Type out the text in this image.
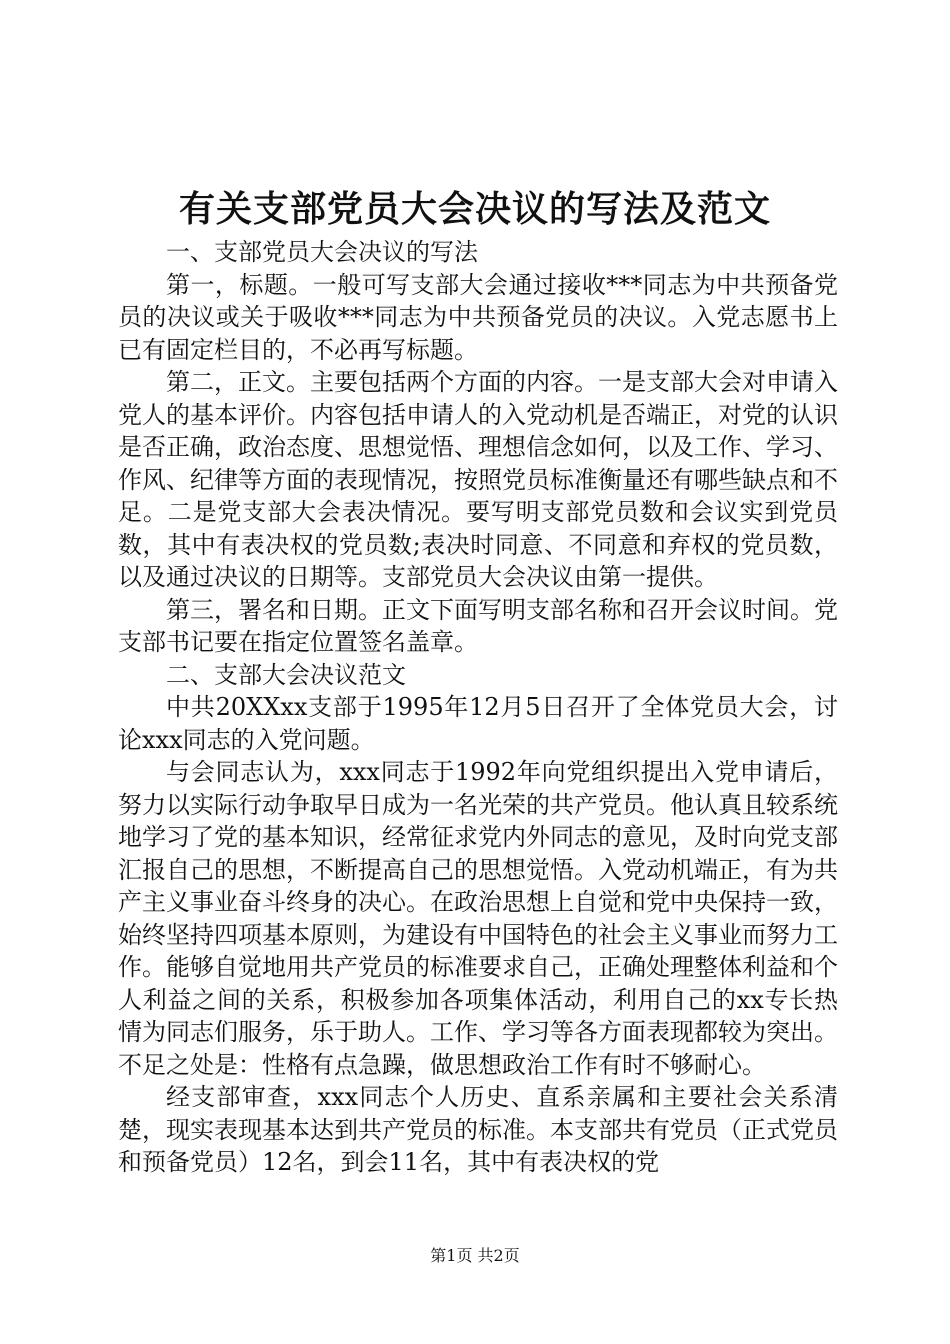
有关支部党员大会决议的写法及范文

一、支部党员大会决议的写法

第一，标题。一般可写支部大会通过接收***同志为中共预备党员的决议或关于吸收***同志为中共预备党员的决议。入党志愿书上已有固定栏目的，不必再写标题。

第二，正文。主要包括两个方面的内容。一是支部大会对申请入党人的基本评价。内容包括申请人的入党动机是否端正，对党的认识是否正确，政治态度、思想觉悟、理想信念如何，以及工作、学习、作风、纪律等方面的表现情况，按照党员标准衡量还有哪些缺点和不足。二是党支部大会表决情况。要写明支部党员数和会议实到党员数，其中有表决权的党员数;表决时同意、不同意和弃权的党员数，以及通过决议的日期等。支部党员大会决议由第一提供。

第三，署名和日期。正文下面写明支部名称和召开会议时间。党支部书记要在指定位置签名盖章。

二、支部大会决议范文

中共20XXxx支部于1995年12月5日召开了全体党员大会，讨论xxx同志的入党问题。

与会同志认为，xxx同志于1992年向党组织提出入党申请后，努力以实际行动争取早日成为一名光荣的共产党员。他认真且较系统地学习了党的基本知识，经常征求党内外同志的意见，及时向党支部汇报自己的思想，不断提高自己的思想觉悟。入党动机端正，有为共产主义事业奋斗终身的决心。在政治思想上自觉和党中央保持一致，始终坚持四项基本原则，为建设有中国特色的社会主义事业而努力工作。能够自觉地用共产党员的标准要求自己，正确处理整体利益和个人利益之间的关系，积极参加各项集体活动，利用自己的xx专长热情为同志们服务，乐于助人。工作、学习等各方面表现都较为突出。不足之处是：性格有点急躁，做思想政治工作有时不够耐心。

经支部审查，xxx同志个人历史、直系亲属和主要社会关系清楚，现实表现基本达到共产党员的标准。本支部共有党员（正式党员和预备党员）12名，到会11名，其中有表决权的党

第1页 共2页
